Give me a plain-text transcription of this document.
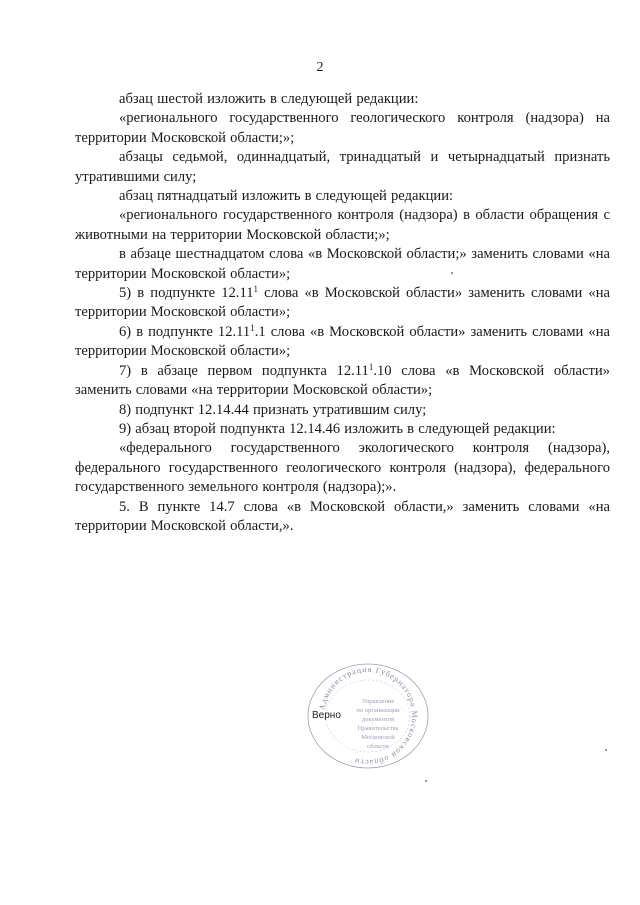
2

абзац шестой изложить в следующей редакции:

«регионального государственного геологического контроля (надзора) на территории Московской области;»;

абзацы седьмой, одиннадцатый, тринадцатый и четырнадцатый признать утратившими силу;

абзац пятнадцатый изложить в следующей редакции:

«регионального государственного контроля (надзора) в области обращения с животными на территории Московской области;»;

в абзаце шестнадцатом слова «в Московской области;» заменить словами «на территории Московской области»;

5) в подпункте 12.11$^1$ слова «в Московской области» заменить словами «на территории Московской области»;

6) в подпункте 12.11$^1$.1 слова «в Московской области» заменить словами «на территории Московской области»;

7) в абзаце первом подпункта 12.11$^1$.10 слова «в Московской области» заменить словами «на территории Московской области»;

8) подпункт 12.14.44 признать утратившим силу;

9) абзац второй подпункта 12.14.46 изложить в следующей редакции:

«федерального государственного экологического контроля (надзора), федерального государственного геологического контроля (надзора), федерального государственного земельного контроля (надзора);».

5. В пункте 14.7 слова «в Московской области,» заменить словами «на территории Московской области,».

Администрация Губернатора Московской области
Верно
Управление
по организации
документов
Правительства
Московской
области
